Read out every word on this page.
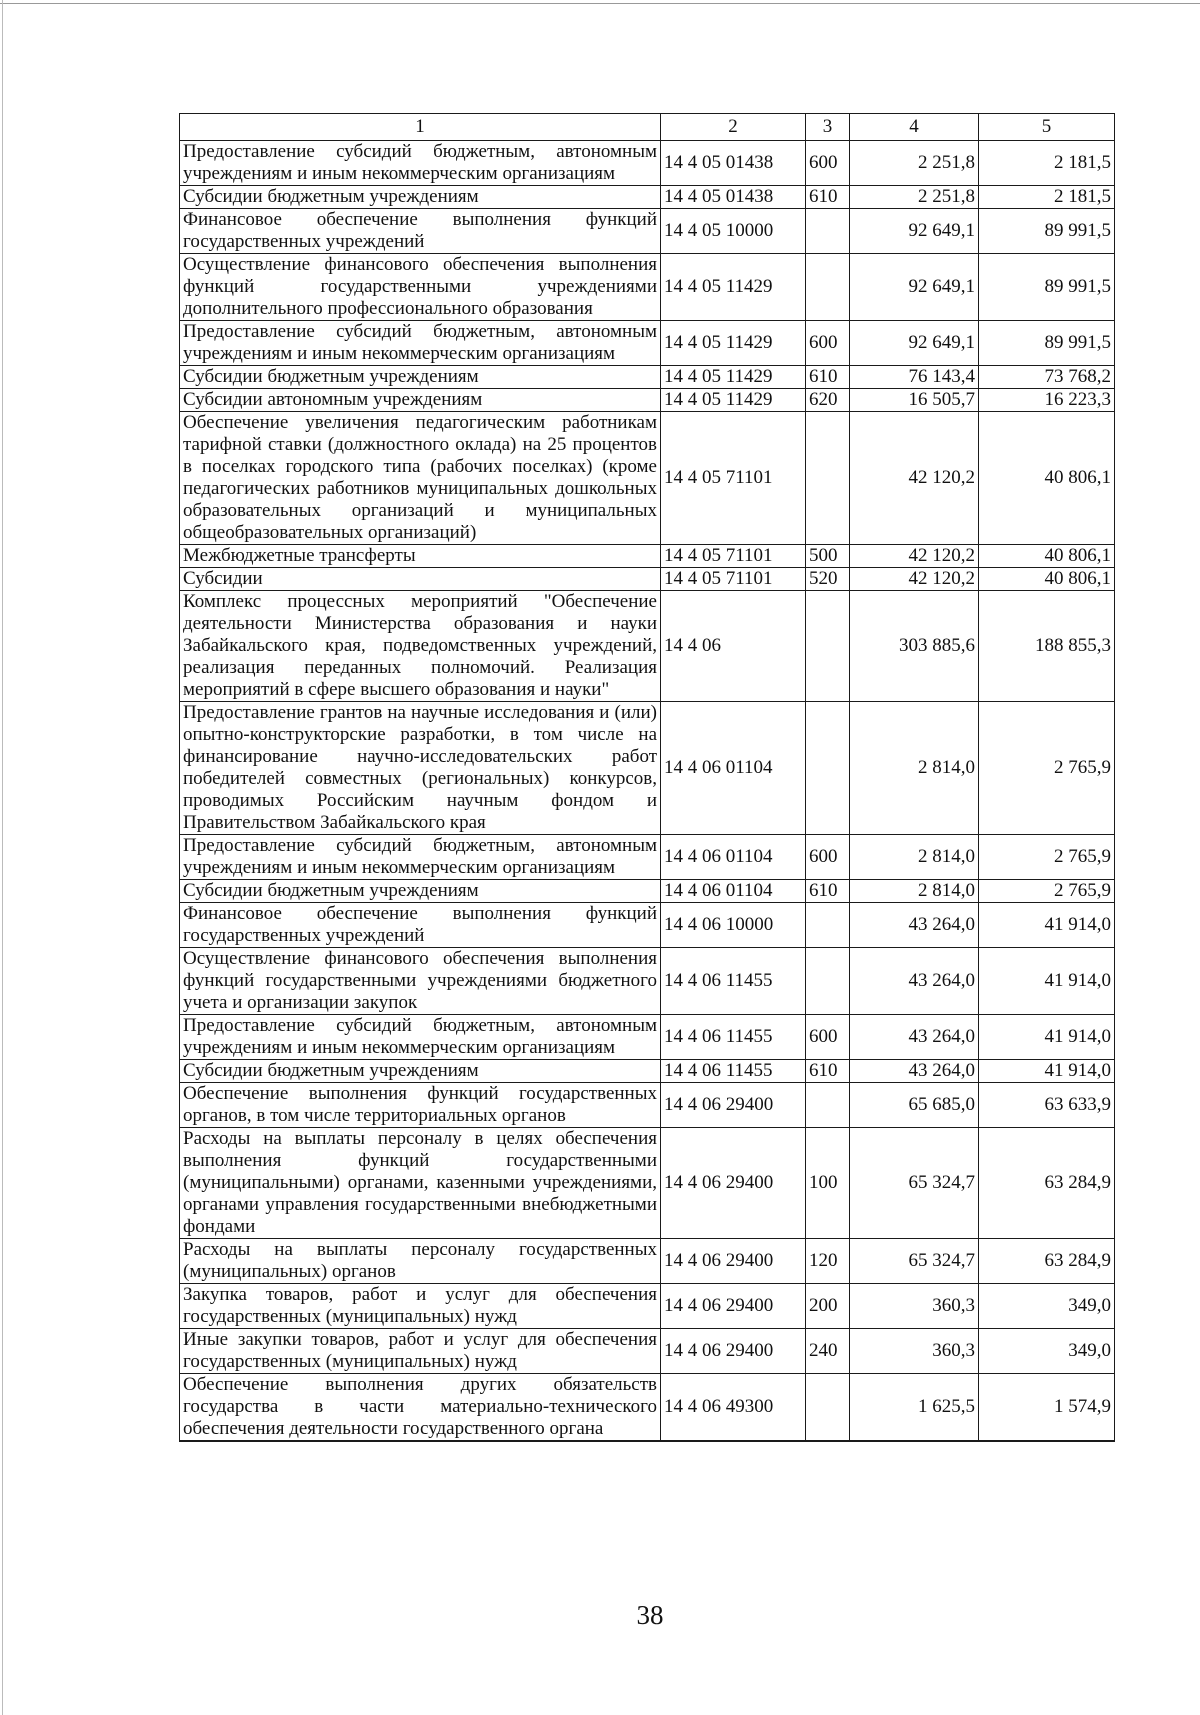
1	2	3	4	5
Предоставление субсидий бюджетным, автономным учреждениям и иным некоммерческим организациям	14 4 05 01438	600	2 251,8	2 181,5
Субсидии бюджетным учреждениям	14 4 05 01438	610	2 251,8	2 181,5
Финансовое обеспечение выполнения функций государственных учреждений	14 4 05 10000		92 649,1	89 991,5
Осуществление финансового обеспечения выполнения функций государственными учреждениями дополнительного профессионального образования	14 4 05 11429		92 649,1	89 991,5
Предоставление субсидий бюджетным, автономным учреждениям и иным некоммерческим организациям	14 4 05 11429	600	92 649,1	89 991,5
Субсидии бюджетным учреждениям	14 4 05 11429	610	76 143,4	73 768,2
Субсидии автономным учреждениям	14 4 05 11429	620	16 505,7	16 223,3
Обеспечение увеличения педагогическим работникам тарифной ставки (должностного оклада) на 25 процентов в поселках городского типа (рабочих поселках) (кроме педагогических работников муниципальных дошкольных образовательных организаций и муниципальных общеобразовательных организаций)	14 4 05 71101		42 120,2	40 806,1
Межбюджетные трансферты	14 4 05 71101	500	42 120,2	40 806,1
Субсидии	14 4 05 71101	520	42 120,2	40 806,1
Комплекс процессных мероприятий "Обеспечение деятельности Министерства образования и науки Забайкальского края, подведомственных учреждений, реализация переданных полномочий. Реализация мероприятий в сфере высшего образования и науки"	14 4 06		303 885,6	188 855,3
Предоставление грантов на научные исследования и (или) опытно-конструкторские разработки, в том числе на финансирование научно-исследовательских работ победителей совместных (региональных) конкурсов, проводимых Российским научным фондом и Правительством Забайкальского края	14 4 06 01104		2 814,0	2 765,9
Предоставление субсидий бюджетным, автономным учреждениям и иным некоммерческим организациям	14 4 06 01104	600	2 814,0	2 765,9
Субсидии бюджетным учреждениям	14 4 06 01104	610	2 814,0	2 765,9
Финансовое обеспечение выполнения функций государственных учреждений	14 4 06 10000		43 264,0	41 914,0
Осуществление финансового обеспечения выполнения функций государственными учреждениями бюджетного учета и организации закупок	14 4 06 11455		43 264,0	41 914,0
Предоставление субсидий бюджетным, автономным учреждениям и иным некоммерческим организациям	14 4 06 11455	600	43 264,0	41 914,0
Субсидии бюджетным учреждениям	14 4 06 11455	610	43 264,0	41 914,0
Обеспечение выполнения функций государственных органов, в том числе территориальных органов	14 4 06 29400		65 685,0	63 633,9
Расходы на выплаты персоналу в целях обеспечения выполнения функций государственными (муниципальными) органами, казенными учреждениями, органами управления государственными внебюджетными фондами	14 4 06 29400	100	65 324,7	63 284,9
Расходы на выплаты персоналу государственных (муниципальных) органов	14 4 06 29400	120	65 324,7	63 284,9
Закупка товаров, работ и услуг для обеспечения государственных (муниципальных) нужд	14 4 06 29400	200	360,3	349,0
Иные закупки товаров, работ и услуг для обеспечения государственных (муниципальных) нужд	14 4 06 29400	240	360,3	349,0
Обеспечение выполнения других обязательств государства в части материально-технического обеспечения деятельности государственного органа	14 4 06 49300		1 625,5	1 574,9

38
